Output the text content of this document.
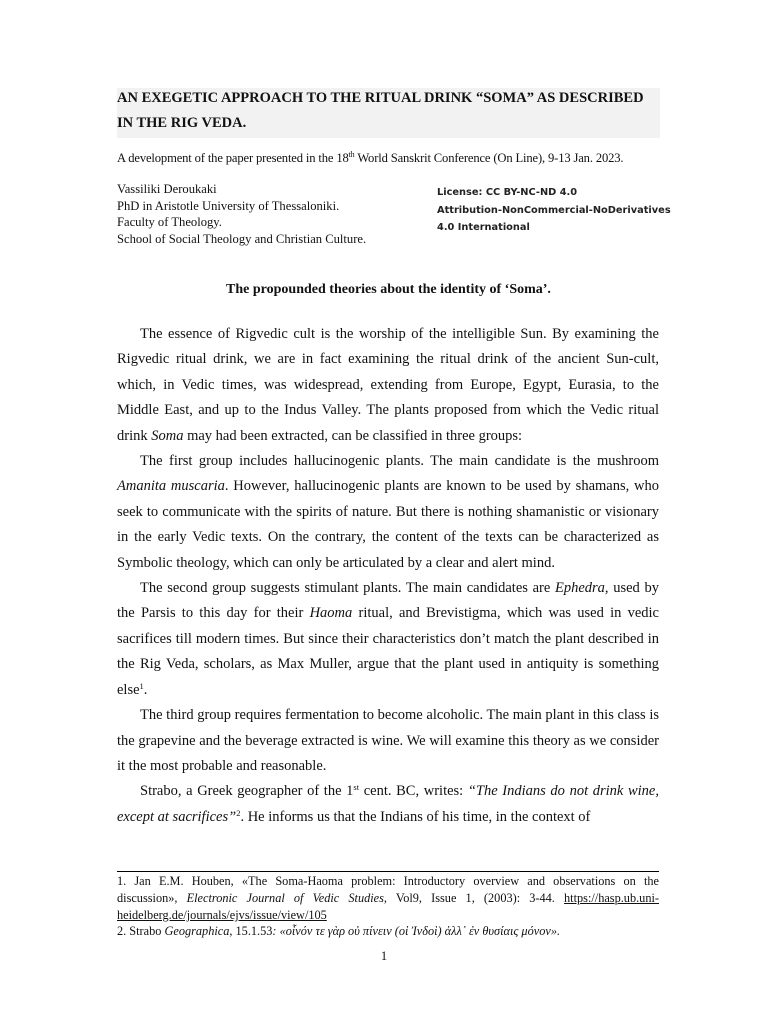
AN EXEGETIC APPROACH TO THE RITUAL DRINK “SOMA” AS DESCRIBED IN THE RIG VEDA.
A development of the paper presented in the 18th World Sanskrit Conference (On Line), 9-13 Jan. 2023.
Vassiliki Deroukaki
PhD in Aristotle University of Thessaloniki.
Faculty of Theology.
School of Social Theology and Christian Culture.
License: CC BY-NC-ND 4.0
Attribution-NonCommercial-NoDerivatives
4.0 International
The propounded theories about the identity of ‘Soma’.

The essence of Rigvedic cult is the worship of the intelligible Sun. By examining the Rigvedic ritual drink, we are in fact examining the ritual drink of the ancient Sun-cult, which, in Vedic times, was widespread, extending from Europe, Egypt, Eurasia, to the Middle East, and up to the Indus Valley. The plants proposed from which the Vedic ritual drink Soma may had been extracted, can be classified in three groups:

The first group includes hallucinogenic plants. The main candidate is the mushroom Amanita muscaria. However, hallucinogenic plants are known to be used by shamans, who seek to communicate with the spirits of nature. But there is nothing shamanistic or visionary in the early Vedic texts. On the contrary, the content of the texts can be characterized as Symbolic theology, which can only be articulated by a clear and alert mind.

The second group suggests stimulant plants. The main candidates are Ephedra, used by the Parsis to this day for their Haoma ritual, and Brevistigma, which was used in vedic sacrifices till modern times. But since their characteristics don’t match the plant described in the Rig Veda, scholars, as Max Muller, argue that the plant used in antiquity is something else$^1$.

The third group requires fermentation to become alcoholic. The main plant in this class is the grapevine and the beverage extracted is wine. We will examine this theory as we consider it the most probable and reasonable.

Strabo, a Greek geographer of the 1st cent. BC, writes: “The Indians do not drink wine, except at sacrifices”$^2$. He informs us that the Indians of his time, in the context of

1. Jan E.M. Houben, «The Soma-Haoma problem: Introductory overview and observations on the discussion», Electronic Journal of Vedic Studies, Vol9, Issue 1, (2003): 3-44. https://hasp.ub.uni-heidelberg.de/journals/ejvs/issue/view/105

2. Strabo Geographica, 15.1.53: «οἶνόν τε γὰρ οὐ πίνειν (οἱ Ἰνδοὶ) ἀλλ᾽ ἐν θυσίαις μόνον».

1
